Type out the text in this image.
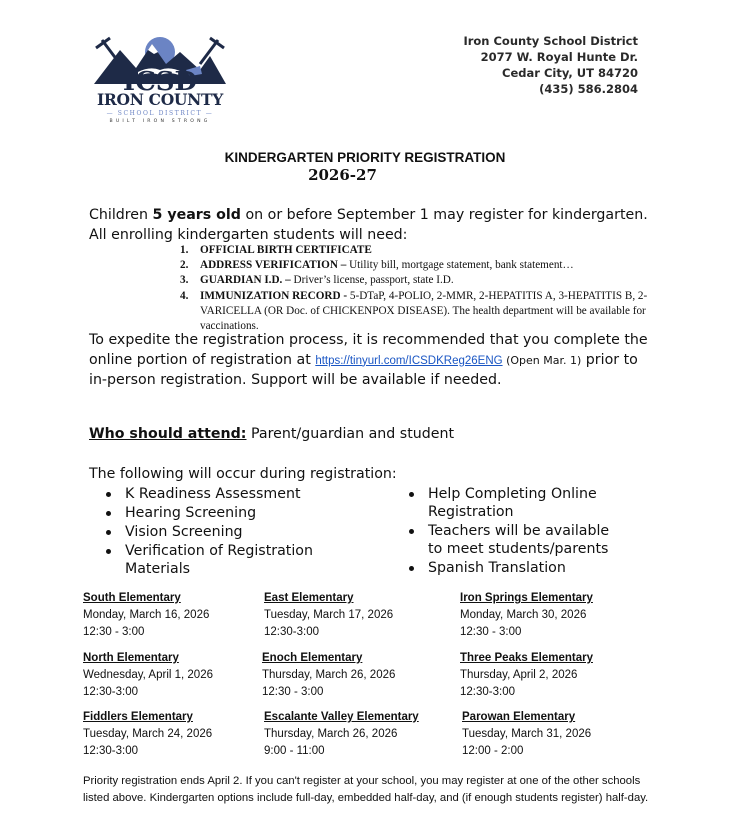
ICSD
IRON COUNTY
— SCHOOL DISTRICT —
BUILT IRON STRONG
Iron County School District
2077 W. Royal Hunte Dr.
Cedar City, UT 84720
(435) 586.2804
KINDERGARTEN PRIORITY REGISTRATION
2026-27
Children 5 years old on or before September 1 may register for kindergarten. All enrolling kindergarten students will need:
1. OFFICIAL BIRTH CERTIFICATE
2. ADDRESS VERIFICATION – Utility bill, mortgage statement, bank statement…
3. GUARDIAN I.D. – Driver’s license, passport, state I.D.
4. IMMUNIZATION RECORD - 5-DTaP, 4-POLIO, 2-MMR, 2-HEPATITIS A, 3-HEPATITIS B, 2-VARICELLA (OR Doc. of CHICKENPOX DISEASE). The health department will be available for vaccinations.
To expedite the registration process, it is recommended that you complete the online portion of registration at https://tinyurl.com/ICSDKReg26ENG (Open Mar. 1) prior to in-person registration. Support will be available if needed.
Who should attend: Parent/guardian and student
The following will occur during registration:
K Readiness Assessment
Hearing Screening
Vision Screening
Verification of Registration Materials
Help Completing Online Registration
Teachers will be available to meet students/parents
Spanish Translation
South Elementary
Monday, March 16, 2026
12:30 - 3:00
East Elementary
Tuesday, March 17, 2026
12:30-3:00
Iron Springs Elementary
Monday, March 30, 2026
12:30 - 3:00
North Elementary
Wednesday, April 1, 2026
12:30-3:00
Enoch Elementary
Thursday, March 26, 2026
12:30 - 3:00
Three Peaks Elementary
Thursday, April 2, 2026
12:30-3:00
Fiddlers Elementary
Tuesday, March 24, 2026
12:30-3:00
Escalante Valley Elementary
Thursday, March 26, 2026
9:00 - 11:00
Parowan Elementary
Tuesday, March 31, 2026
12:00 - 2:00
Priority registration ends April 2. If you can't register at your school, you may register at one of the other schools listed above. Kindergarten options include full-day, embedded half-day, and (if enough students register) half-day.
